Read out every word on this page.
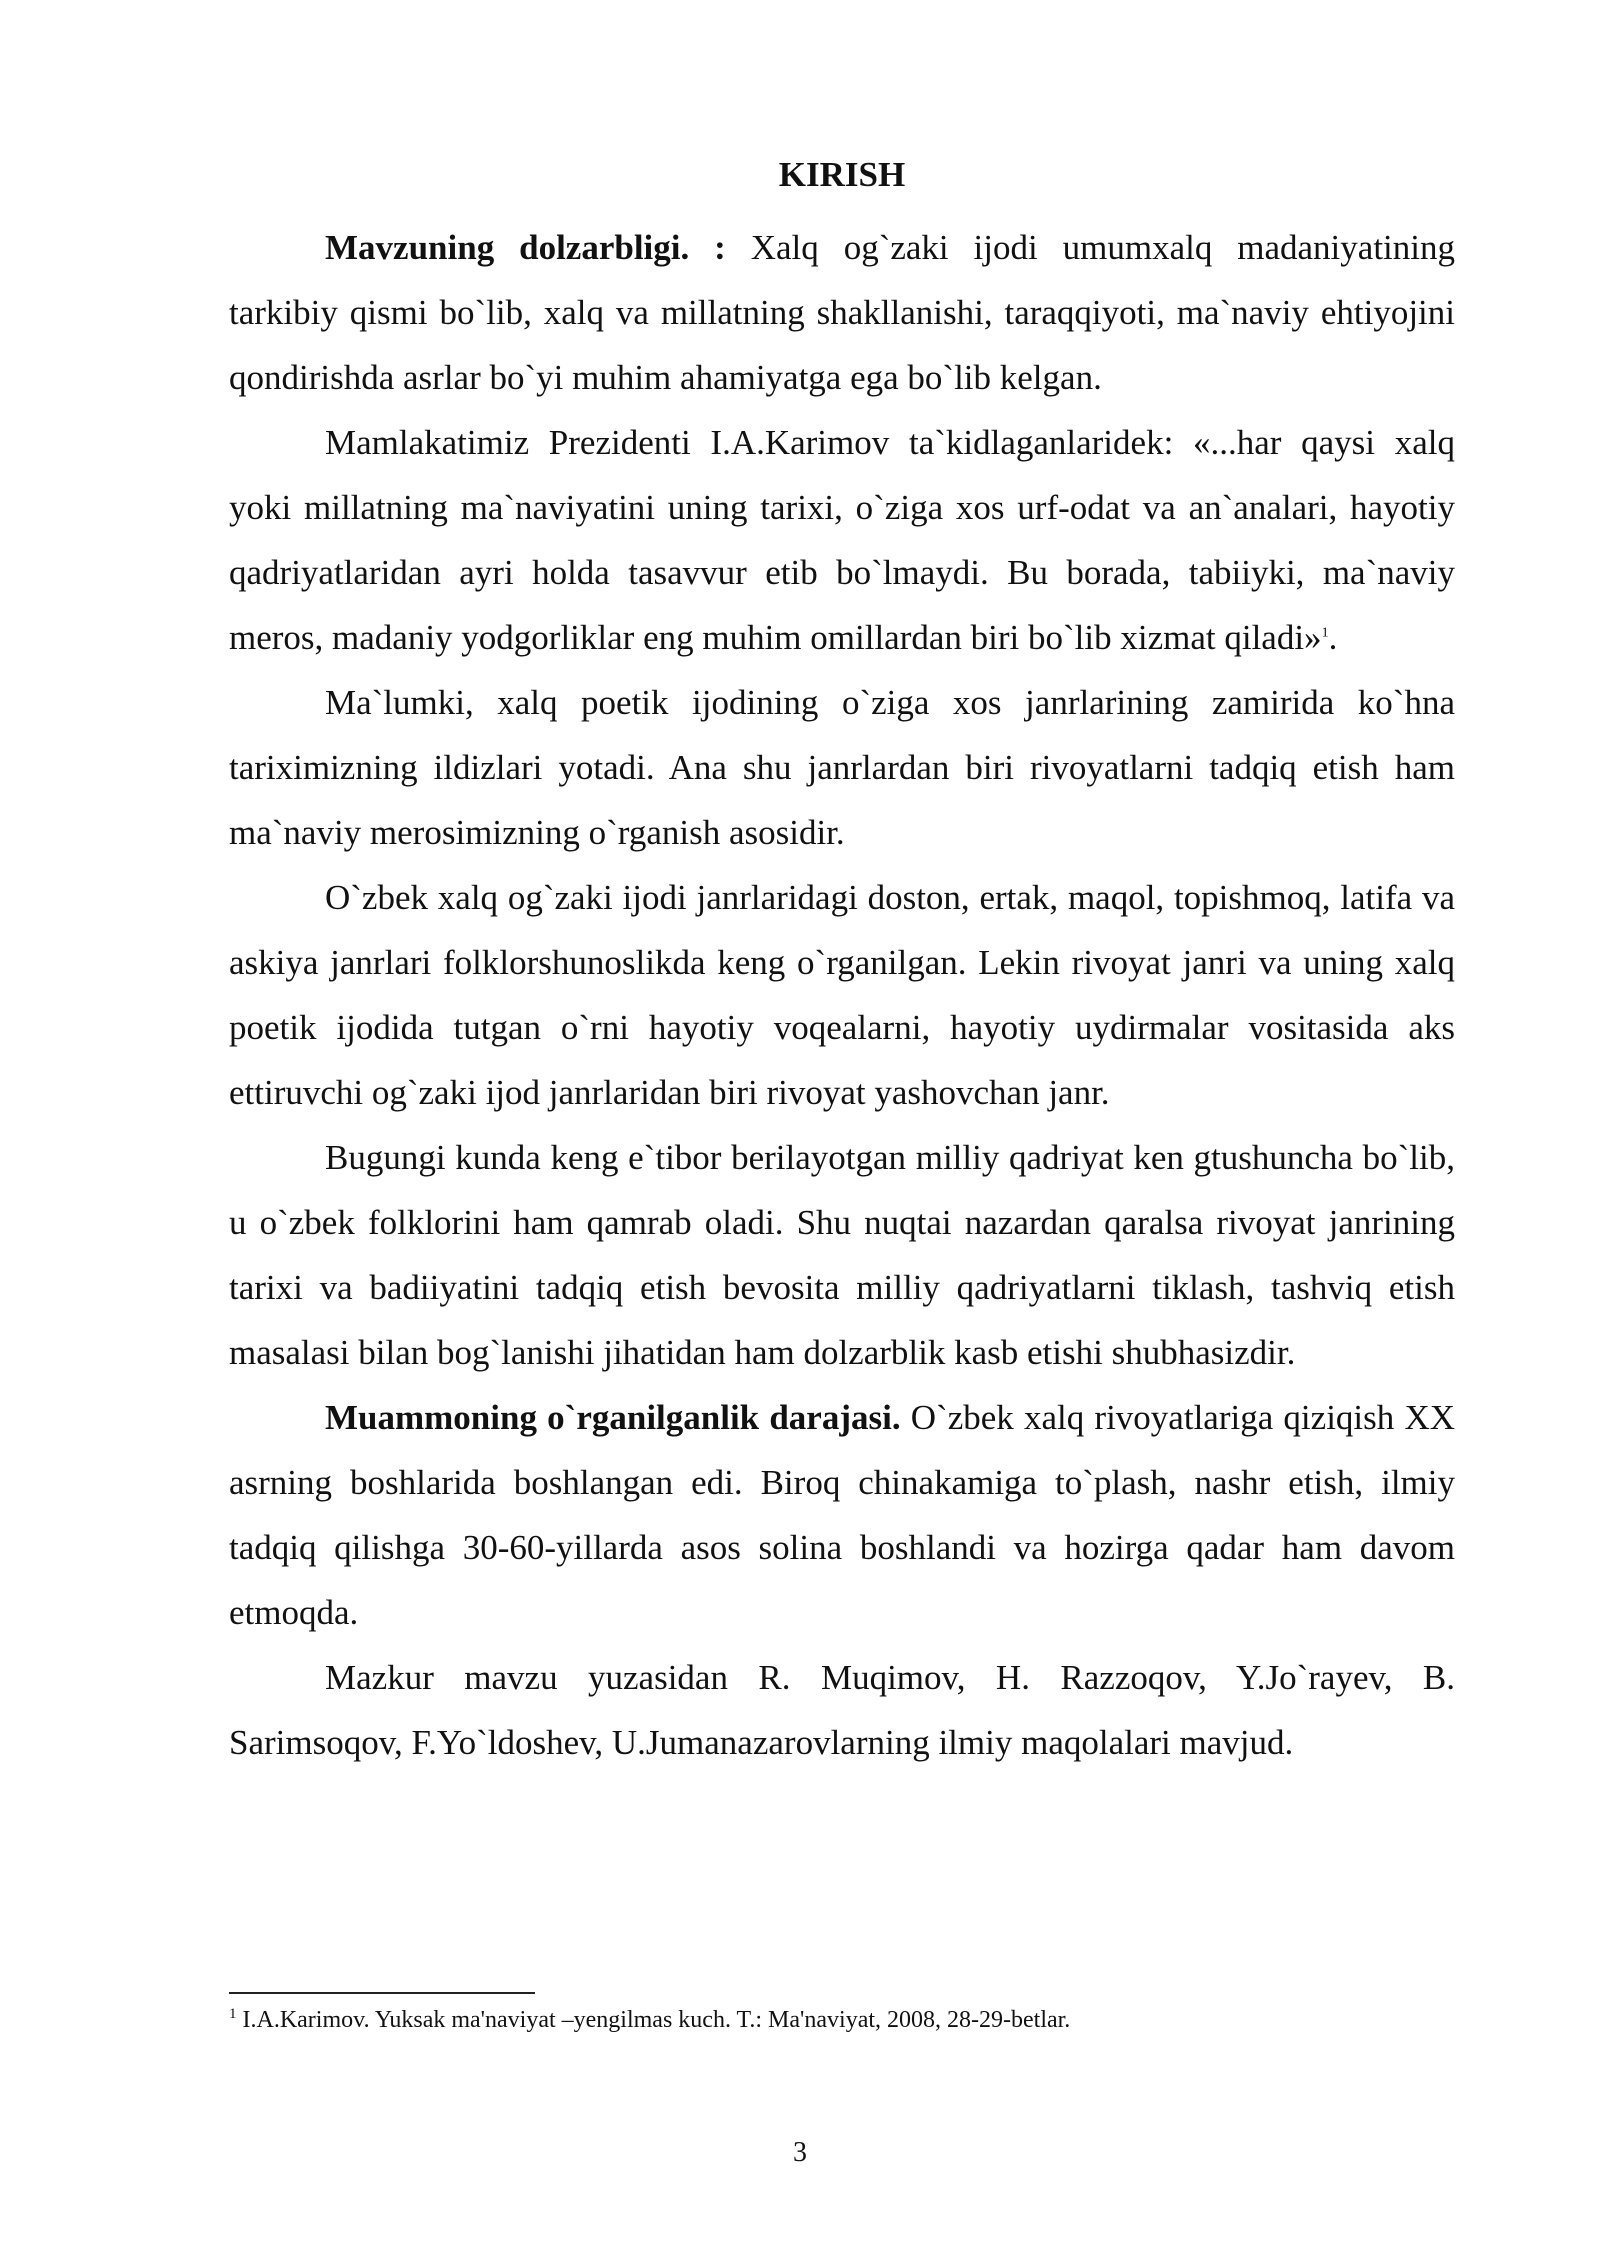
KIRISH

Mavzuning dolzarbligi. : Xalq og`zaki ijodi umumxalq madaniyatining tarkibiy qismi bo`lib, xalq va millatning shakllanishi, taraqqiyoti, ma`naviy ehtiyojini qondirishda asrlar bo`yi muhim ahamiyatga ega bo`lib kelgan.

Mamlakatimiz Prezidenti I.A.Karimov ta`kidlaganlaridek: «...har qaysi xalq yoki millatning ma`naviyatini uning tarixi, o`ziga xos urf-odat va an`analari, hayotiy qadriyatlaridan ayri holda tasavvur etib bo`lmaydi. Bu borada, tabiiyki, ma`naviy meros, madaniy yodgorliklar eng muhim omillardan biri bo`lib xizmat qiladi»$^1$.

Ma`lumki, xalq poetik ijodining o`ziga xos janrlarining zamirida ko`hna tariximizning ildizlari yotadi. Ana shu janrlardan biri rivoyatlarni tadqiq etish ham ma`naviy merosimizning o`rganish asosidir.

O`zbek xalq og`zaki ijodi janrlaridagi doston, ertak, maqol, topishmoq, latifa va askiya janrlari folklorshunoslikda keng o`rganilgan. Lekin rivoyat janri va uning xalq poetik ijodida tutgan o`rni hayotiy voqealarni, hayotiy uydirmalar vositasida aks ettiruvchi og`zaki ijod janrlaridan biri rivoyat yashovchan janr.

Bugungi kunda keng e`tibor berilayotgan milliy qadriyat ken gtushuncha bo`lib, u o`zbek folklorini ham qamrab oladi. Shu nuqtai nazardan qaralsa rivoyat janrining tarixi va badiiyatini tadqiq etish bevosita milliy qadriyatlarni tiklash, tashviq etish masalasi bilan bog`lanishi jihatidan ham dolzarblik kasb etishi shubhasizdir.

Muammoning o`rganilganlik darajasi. O`zbek xalq rivoyatlariga qiziqish XX asrning boshlarida boshlangan edi. Biroq chinakamiga to`plash, nashr etish, ilmiy tadqiq qilishga 30-60-yillarda asos solina boshlandi va hozirga qadar ham davom etmoqda.

Mazkur mavzu yuzasidan R. Muqimov, H. Razzoqov, Y.Jo`rayev, B. Sarimsoqov, F.Yo`ldoshev, U.Jumanazarovlarning ilmiy maqolalari mavjud.

$^1$ I.A.Karimov. Yuksak ma'naviyat –yengilmas kuch. T.: Ma'naviyat, 2008, 28-29-betlar.
3
